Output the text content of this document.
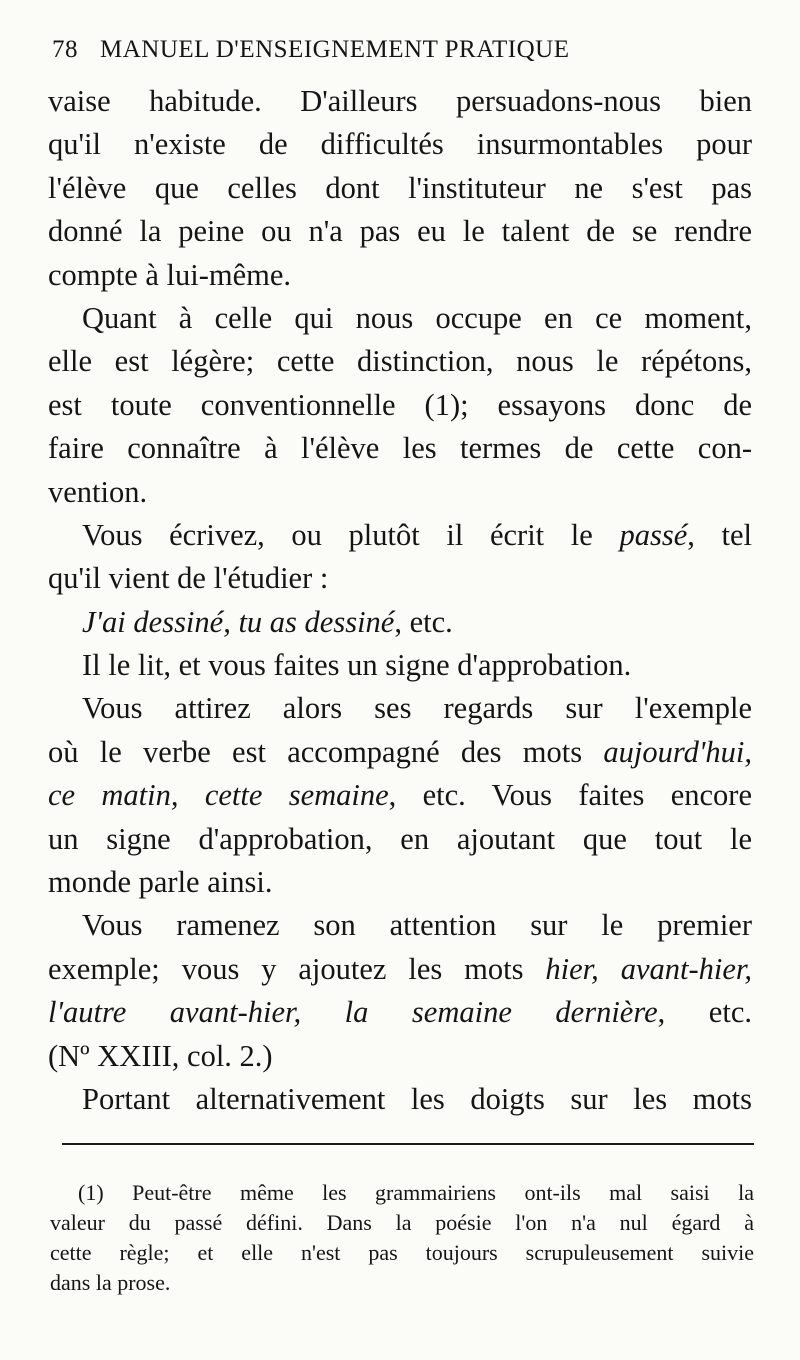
78 MANUEL D'ENSEIGNEMENT PRATIQUE
vaise habitude. D'ailleurs persuadons-nous bien
qu'il n'existe de difficultés insurmontables pour
l'élève que celles dont l'instituteur ne s'est pas
donné la peine ou n'a pas eu le talent de se rendre
compte à lui-même.
Quant à celle qui nous occupe en ce moment,
elle est légère; cette distinction, nous le répétons,
est toute conventionnelle (1); essayons donc de
faire connaître à l'élève les termes de cette con-
vention.
Vous écrivez, ou plutôt il écrit le passé, tel
qu'il vient de l'étudier :
J'ai dessiné, tu as dessiné, etc.
Il le lit, et vous faites un signe d'approbation.
Vous attirez alors ses regards sur l'exemple
où le verbe est accompagné des mots aujourd'hui,
ce matin, cette semaine, etc. Vous faites encore
un signe d'approbation, en ajoutant que tout le
monde parle ainsi.
Vous ramenez son attention sur le premier
exemple; vous y ajoutez les mots hier, avant-hier,
l'autre avant-hier, la semaine dernière, etc.
(Nº XXIII, col. 2.)
Portant alternativement les doigts sur les mots
(1) Peut-être même les grammairiens ont-ils mal saisi la
valeur du passé défini. Dans la poésie l'on n'a nul égard à
cette règle; et elle n'est pas toujours scrupuleusement suivie
dans la prose.
